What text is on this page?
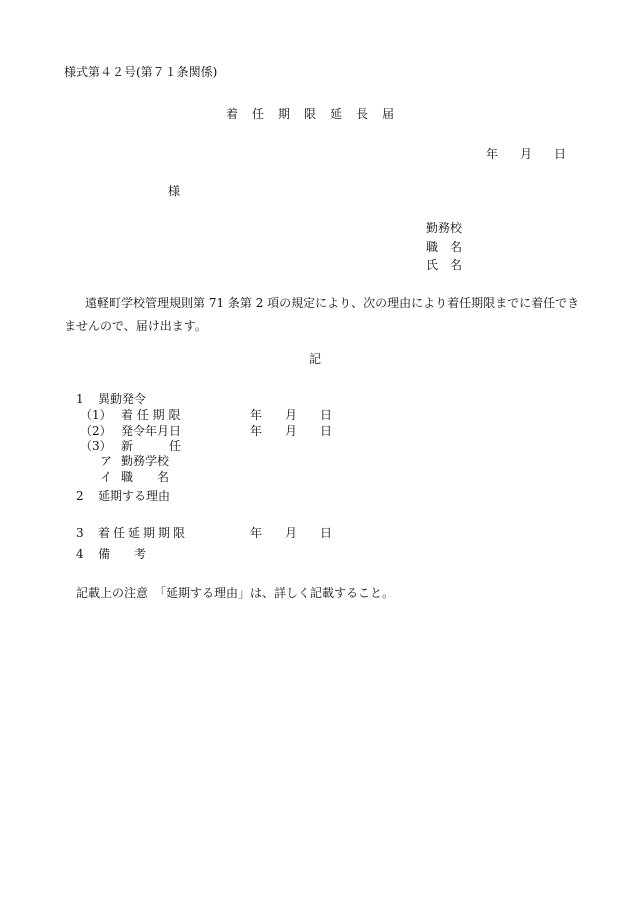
様式第４２号(第７１条関係)
着任期限延長届
年 月 日
様
勤務校
職　名
氏　名
遠軽町学校管理規則第 71 条第 2 項の規定により、次の理由により着任期限までに着任できませんので、届け出ます。
記
1 異動発令
（1） 着 任 期 限	年 月 日
（2） 発令年月日	年 月 日
（3） 新　　　任
ア 勤務学校
イ 職　　名
2 延期する理由
3 着任延期期限	年 月 日
4 備　　考
記載上の注意　「延期する理由」は、詳しく記載すること。
